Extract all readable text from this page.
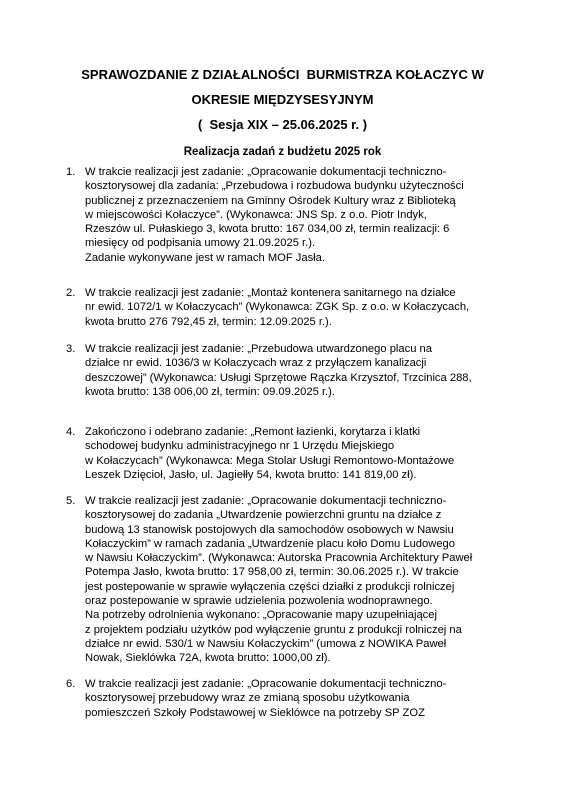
SPRAWOZDANIE Z DZIAŁALNOŚCI  BURMISTRZA KOŁACZYC W
OKRESIE MIĘDZYSESYJNYM
(  Sesja XIX – 25.06.2025 r. )
Realizacja zadań z budżetu 2025 rok
1. W trakcie realizacji jest zadanie: „Opracowanie dokumentacji techniczno-
kosztorysowej dla zadania: „Przebudowa i rozbudowa budynku użyteczności
publicznej z przeznaczeniem na Gminny Ośrodek Kultury wraz z Biblioteką
w miejscowości Kołaczyce”. (Wykonawca: JNS Sp. z o.o. Piotr Indyk,
Rzeszów ul. Pułaskiego 3, kwota brutto: 167 034,00 zł, termin realizacji: 6
miesięcy od podpisania umowy 21.09.2025 r.).
Zadanie wykonywane jest w ramach MOF Jasła.
2. W trakcie realizacji jest zadanie: „Montaż kontenera sanitarnego na działce
nr ewid. 1072/1 w Kołaczycach” (Wykonawca: ZGK Sp. z o.o. w Kołaczycach,
kwota brutto 276 792,45 zł, termin: 12.09.2025 r.).
3. W trakcie realizacji jest zadanie: „Przebudowa utwardzonego placu na
działce nr ewid. 1036/3 w Kołaczycach wraz z przyłączem kanalizacji
deszczowej” (Wykonawca: Usługi Sprzętowe Rączka Krzysztof, Trzcinica 288,
kwota brutto: 138 006,00 zł, termin: 09.09.2025 r.).
4. Zakończono i odebrano zadanie: „Remont łazienki, korytarza i klatki
schodowej budynku administracyjnego nr 1 Urzędu Miejskiego
w Kołaczycach” (Wykonawca: Mega Stolar Usługi Remontowo-Montażowe
Leszek Dzięcioł, Jasło, ul. Jagiełły 54, kwota brutto: 141 819,00 zł).
5. W trakcie realizacji jest zadanie: „Opracowanie dokumentacji techniczno-
kosztorysowej do zadania „Utwardzenie powierzchni gruntu na działce z
budową 13 stanowisk postojowych dla samochodów osobowych w Nawsiu
Kołaczyckim” w ramach zadania „Utwardzenie placu koło Domu Ludowego
w Nawsiu Kołaczyckim”. (Wykonawca: Autorska Pracownia Architektury Paweł
Potempa Jasło, kwota brutto: 17 958,00 zł, termin: 30.06.2025 r.). W trakcie
jest postepowanie w sprawie wyłączenia części działki z produkcji rolniczej
oraz postepowanie w sprawie udzielenia pozwolenia wodnoprawnego.
Na potrzeby odrolnienia wykonano: „Opracowanie mapy uzupełniającej
z projektem podziału użytków pod wyłączenie gruntu z produkcji rolniczej na
działce nr ewid. 530/1 w Nawsiu Kołaczyckim” (umowa z NOWIKA Paweł
Nowak, Sieklówka 72A, kwota brutto: 1000,00 zł).
6. W trakcie realizacji jest zadanie: „Opracowanie dokumentacji techniczno-
kosztorysowej przebudowy wraz ze zmianą sposobu użytkowania
pomieszczeń Szkoły Podstawowej w Sieklówce na potrzeby SP ZOZ
